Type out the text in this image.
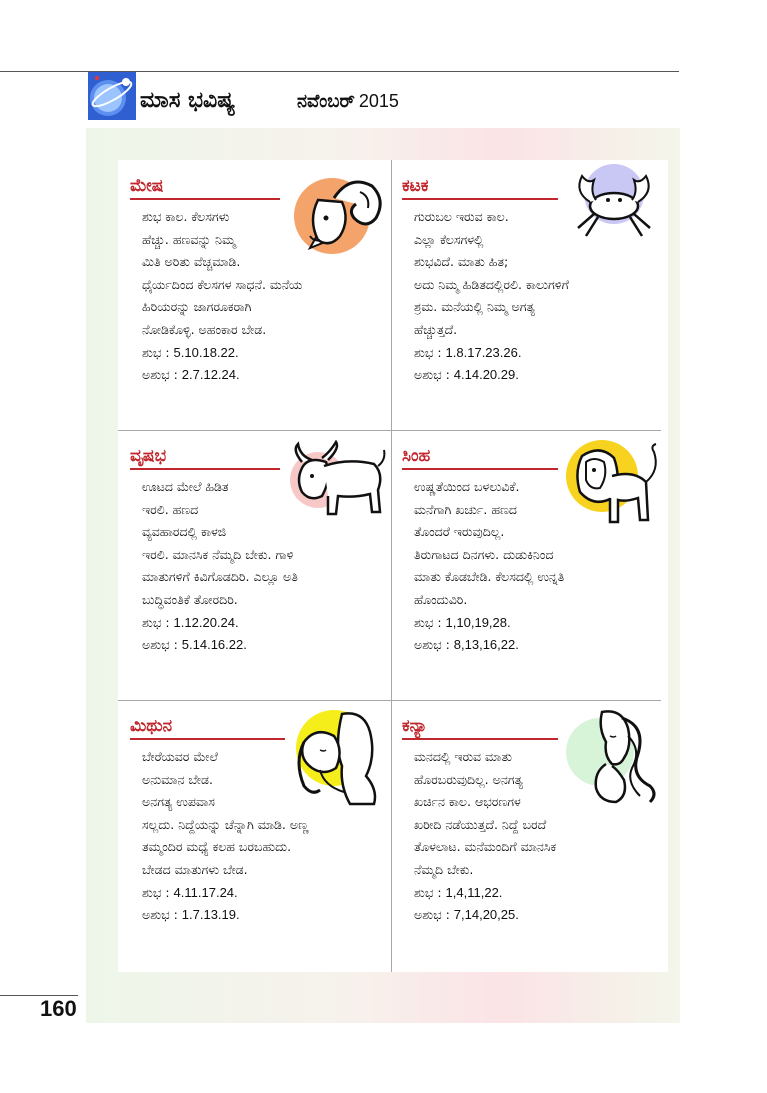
ಮಾಸ ಭವಿಷ್ಯ	ನವೆಂಬರ್ 2015
ಮೇಷ

ಶುಭ ಕಾಲ. ಕೆಲಸಗಳು

ಹೆಚ್ಚು. ಹಣವನ್ನು ನಿಮ್ಮ

ಮಿತಿ ಅರಿತು ವೆಚ್ಚಮಾಡಿ.

ಧೈರ್ಯದಿಂದ ಕೆಲಸಗಳ ಸಾಧನೆ. ಮನೆಯ

ಹಿರಿಯರನ್ನು ಜಾಗರೂಕರಾಗಿ

ನೋಡಿಕೊಳ್ಳಿ. ಅಹಂಕಾರ ಬೇಡ.

ಶುಭ : 5.10.18.22.

ಅಶುಭ : 2.7.12.24.

ಕಟಕ

ಗುರುಬಲ ಇರುವ ಕಾಲ.

ಎಲ್ಲಾ ಕೆಲಸಗಳಲ್ಲಿ

ಶುಭವಿದೆ. ಮಾತು ಹಿತ;

ಅದು ನಿಮ್ಮ ಹಿಡಿತದಲ್ಲಿರಲಿ. ಕಾಲುಗಳಿಗೆ

ಶ್ರಮ. ಮನೆಯಲ್ಲಿ ನಿಮ್ಮ ಅಗತ್ಯ

ಹೆಚ್ಚುತ್ತದೆ.

ಶುಭ : 1.8.17.23.26.

ಅಶುಭ : 4.14.20.29.

ವೃಷಭ

ಊಟದ ಮೇಲೆ ಹಿಡಿತ

ಇರಲಿ. ಹಣದ

ವ್ಯವಹಾರದಲ್ಲಿ ಕಾಳಜಿ

ಇರಲಿ. ಮಾನಸಿಕ ನೆಮ್ಮದಿ ಬೇಕು. ಗಾಳಿ

ಮಾತುಗಳಿಗೆ ಕಿವಿಗೊಡದಿರಿ. ಎಲ್ಲೂ ಅತಿ

ಬುದ್ಧಿವಂತಿಕೆ ತೋರದಿರಿ.

ಶುಭ : 1.12.20.24.

ಅಶುಭ : 5.14.16.22.

ಸಿಂಹ

ಉಷ್ಣತೆಯಿಂದ ಬಳಲುವಿಕೆ.

ಮನೆಗಾಗಿ ಖರ್ಚು. ಹಣದ

ತೊಂದರೆ ಇರುವುದಿಲ್ಲ.

ತಿರುಗಾಟದ ದಿನಗಳು. ದುಡುಕಿನಿಂದ

ಮಾತು ಕೊಡಬೇಡಿ. ಕೆಲಸದಲ್ಲಿ ಉನ್ನತಿ

ಹೊಂದುವಿರಿ.

ಶುಭ : 1,10,19,28.

ಅಶುಭ : 8,13,16,22.

ಮಿಥುನ

ಬೇರೆಯವರ ಮೇಲೆ

ಅನುಮಾನ ಬೇಡ.

ಅನಗತ್ಯ ಉಪವಾಸ

ಸಲ್ಲದು. ನಿದ್ದೆಯನ್ನು ಚೆನ್ನಾಗಿ ಮಾಡಿ. ಅಣ್ಣ

ತಮ್ಮಂದಿರ ಮಧ್ಯೆ ಕಲಹ ಬರಬಹುದು.

ಬೇಡದ ಮಾತುಗಳು ಬೇಡ.

ಶುಭ : 4.11.17.24.

ಅಶುಭ : 1.7.13.19.

ಕನ್ಯಾ

ಮನದಲ್ಲಿ ಇರುವ ಮಾತು

ಹೊರಬರುವುದಿಲ್ಲ. ಅನಗತ್ಯ

ಖರ್ಚಿನ ಕಾಲ. ಆಭರಣಗಳ

ಖರೀದಿ ನಡೆಯುತ್ತದೆ. ನಿದ್ದೆ ಬರದೆ

ತೊಳಲಾಟ. ಮನೆಮಂದಿಗೆ ಮಾನಸಿಕ

ನೆಮ್ಮದಿ ಬೇಕು.

ಶುಭ : 1,4,11,22.

ಅಶುಭ : 7,14,20,25.

160
